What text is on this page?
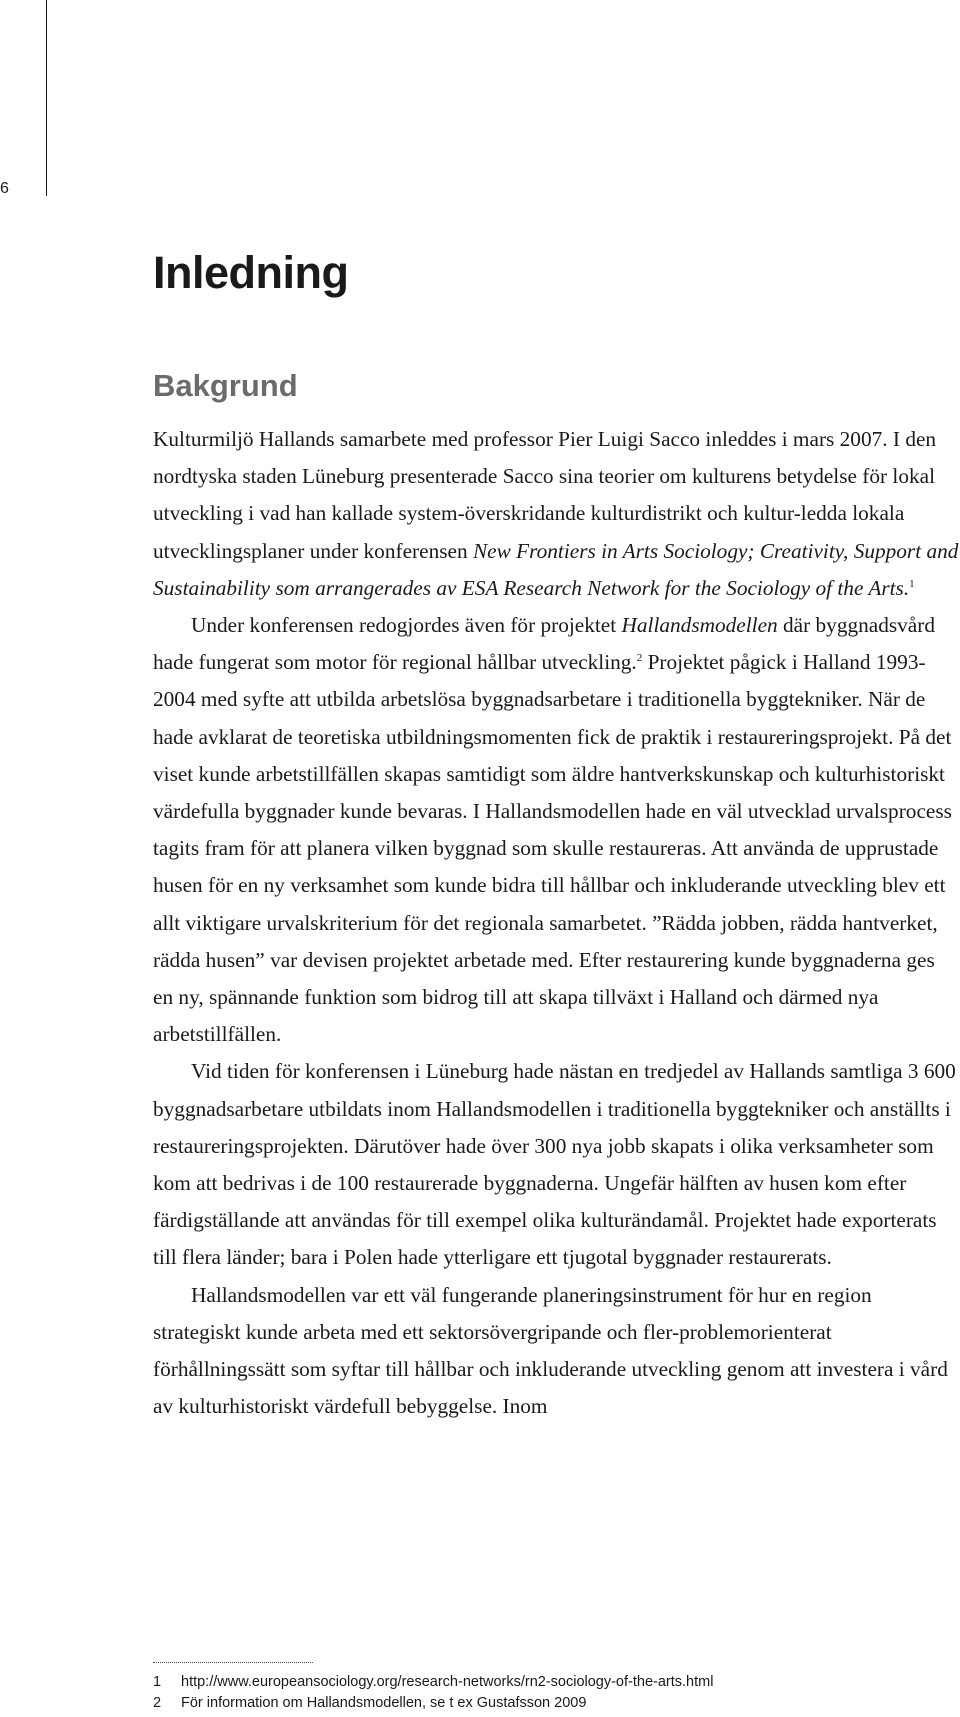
6
Inledning
Bakgrund

Kulturmiljö Hallands samarbete med professor Pier Luigi Sacco inleddes i mars 2007. I den nordtyska staden Lüneburg presenterade Sacco sina teorier om kulturens betydelse för lokal utveckling i vad han kallade system-överskridande kulturdistrikt och kultur-ledda lokala utvecklingsplaner under konferensen New Frontiers in Arts Sociology; Creativity, Support and Sustainability som arrangerades av ESA Research Network for the Sociology of the Arts.$^1$

Under konferensen redogjordes även för projektet Hallandsmodellen där byggnadsvård hade fungerat som motor för regional hållbar utveckling.$^2$ Projektet pågick i Halland 1993-2004 med syfte att utbilda arbetslösa byggnadsarbetare i traditionella byggtekniker. När de hade avklarat de teoretiska utbildningsmomenten fick de praktik i restaureringsprojekt. På det viset kunde arbetstillfällen skapas samtidigt som äldre hantverkskunskap och kulturhistoriskt värdefulla byggnader kunde bevaras. I Hallandsmodellen hade en väl utvecklad urvalsprocess tagits fram för att planera vilken byggnad som skulle restaureras. Att använda de upprustade husen för en ny verksamhet som kunde bidra till hållbar och inkluderande utveckling blev ett allt viktigare urvalskriterium för det regionala samarbetet. ”Rädda jobben, rädda hantverket, rädda husen” var devisen projektet arbetade med. Efter restaurering kunde byggnaderna ges en ny, spännande funktion som bidrog till att skapa tillväxt i Halland och därmed nya arbetstillfällen.

Vid tiden för konferensen i Lüneburg hade nästan en tredjedel av Hallands samtliga 3 600 byggnadsarbetare utbildats inom Hallandsmodellen i traditionella byggtekniker och anställts i restaureringsprojekten. Därutöver hade över 300 nya jobb skapats i olika verksamheter som kom att bedrivas i de 100 restaurerade byggnaderna. Ungefär hälften av husen kom efter färdigställande att användas för till exempel olika kulturändamål. Projektet hade exporterats till flera länder; bara i Polen hade ytterligare ett tjugotal byggnader restaurerats.

Hallandsmodellen var ett väl fungerande planeringsinstrument för hur en region strategiskt kunde arbeta med ett sektorsövergripande och fler-problemorienterat förhållningssätt som syftar till hållbar och inkluderande utveckling genom att investera i vård av kulturhistoriskt värdefull bebyggelse. Inom

1 http://www.europeansociology.org/research-networks/rn2-sociology-of-the-arts.html
2 För information om Hallandsmodellen, se t ex Gustafsson 2009
